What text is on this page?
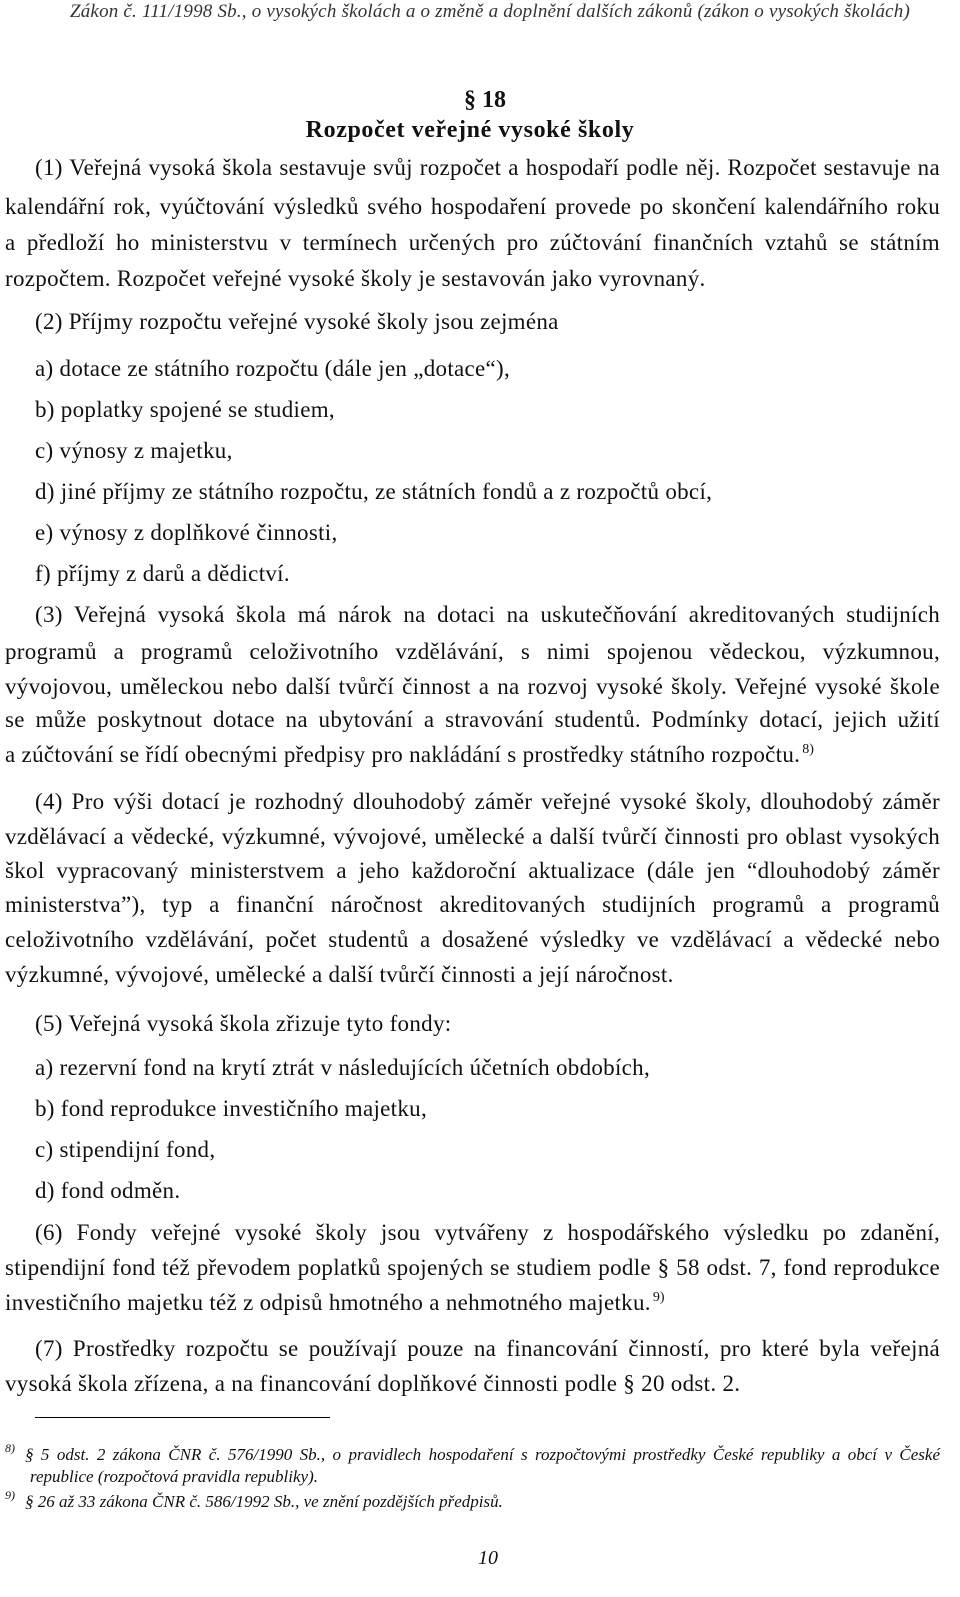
Zákon č. 111/1998 Sb., o vysokých školách a o změně a doplnění dalších zákonů (zákon o vysokých školách)
§ 18
Rozpočet veřejné vysoké školy
(1) Veřejná vysoká škola sestavuje svůj rozpočet a hospodaří podle něj. Rozpočet sestavuje na
kalendářní rok, vyúčtování výsledků svého hospodaření provede po skončení kalendářního roku
a předloží ho ministerstvu v termínech určených pro zúčtování finančních vztahů se státním
rozpočtem. Rozpočet veřejné vysoké školy je sestavován jako vyrovnaný.
(2) Příjmy rozpočtu veřejné vysoké školy jsou zejména
a) dotace ze státního rozpočtu (dále jen „dotace“),
b) poplatky spojené se studiem,
c) výnosy z majetku,
d) jiné příjmy ze státního rozpočtu, ze státních fondů a z rozpočtů obcí,
e) výnosy z doplňkové činnosti,
f) příjmy z darů a dědictví.
(3) Veřejná vysoká škola má nárok na dotaci na uskutečňování akreditovaných studijních
programů a programů celoživotního vzdělávání, s nimi spojenou vědeckou, výzkumnou,
vývojovou, uměleckou nebo další tvůrčí činnost a na rozvoj vysoké školy. Veřejné vysoké škole
se může poskytnout dotace na ubytování a stravování studentů. Podmínky dotací, jejich užití
a zúčtování se řídí obecnými předpisy pro nakládání s prostředky státního rozpočtu. $^{8)}$
(4) Pro výši dotací je rozhodný dlouhodobý záměr veřejné vysoké školy, dlouhodobý záměr
vzdělávací a vědecké, výzkumné, vývojové, umělecké a další tvůrčí činnosti pro oblast vysokých
škol vypracovaný ministerstvem a jeho každoroční aktualizace (dále jen “dlouhodobý záměr
ministerstva”), typ a finanční náročnost akreditovaných studijních programů a programů
celoživotního vzdělávání, počet studentů a dosažené výsledky ve vzdělávací a vědecké nebo
výzkumné, vývojové, umělecké a další tvůrčí činnosti a její náročnost.
(5) Veřejná vysoká škola zřizuje tyto fondy:
a) rezervní fond na krytí ztrát v následujících účetních obdobích,
b) fond reprodukce investičního majetku,
c) stipendijní fond,
d) fond odměn.
(6) Fondy veřejné vysoké školy jsou vytvářeny z hospodářského výsledku po zdanění,
stipendijní fond též převodem poplatků spojených se studiem podle § 58 odst. 7, fond reprodukce
investičního majetku též z odpisů hmotného a nehmotného majetku. $^{9)}$
(7) Prostředky rozpočtu se používají pouze na financování činností, pro které byla veřejná
vysoká škola zřízena, a na financování doplňkové činnosti podle § 20 odst. 2.
8) § 5 odst. 2 zákona ČNR č. 576/1990 Sb., o pravidlech hospodaření s rozpočtovými prostředky České republiky a obcí v České
republice (rozpočtová pravidla republiky).
9) § 26 až 33 zákona ČNR č. 586/1992 Sb., ve znění pozdějších předpisů.
10
